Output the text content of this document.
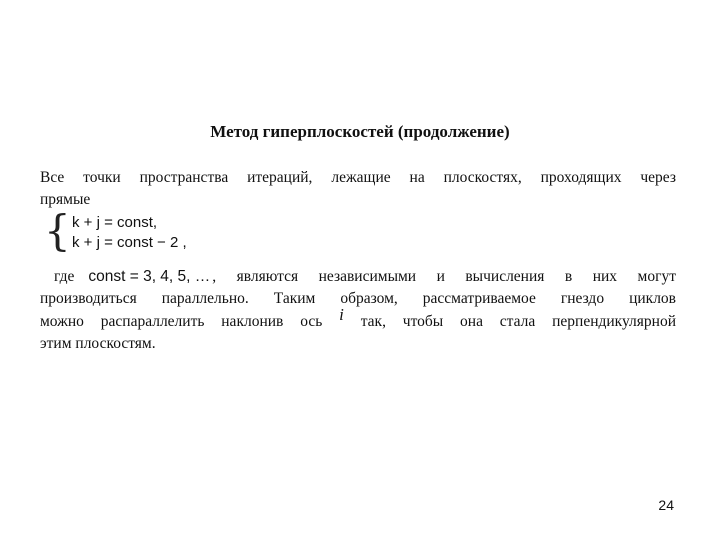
Метод гиперплоскостей (продолжение)
Все точки пространства итераций, лежащие на плоскостях, проходящих через
прямые
{ k + j = const,
k + j = const − 2 ,
где const = 3, 4, 5, … , являются независимыми и вычисления в них могут
производиться параллельно. Таким образом, рассматриваемое гнездо циклов
можно распараллелить наклонив ось i так, чтобы она стала перпендикулярной
этим плоскостям.
24
